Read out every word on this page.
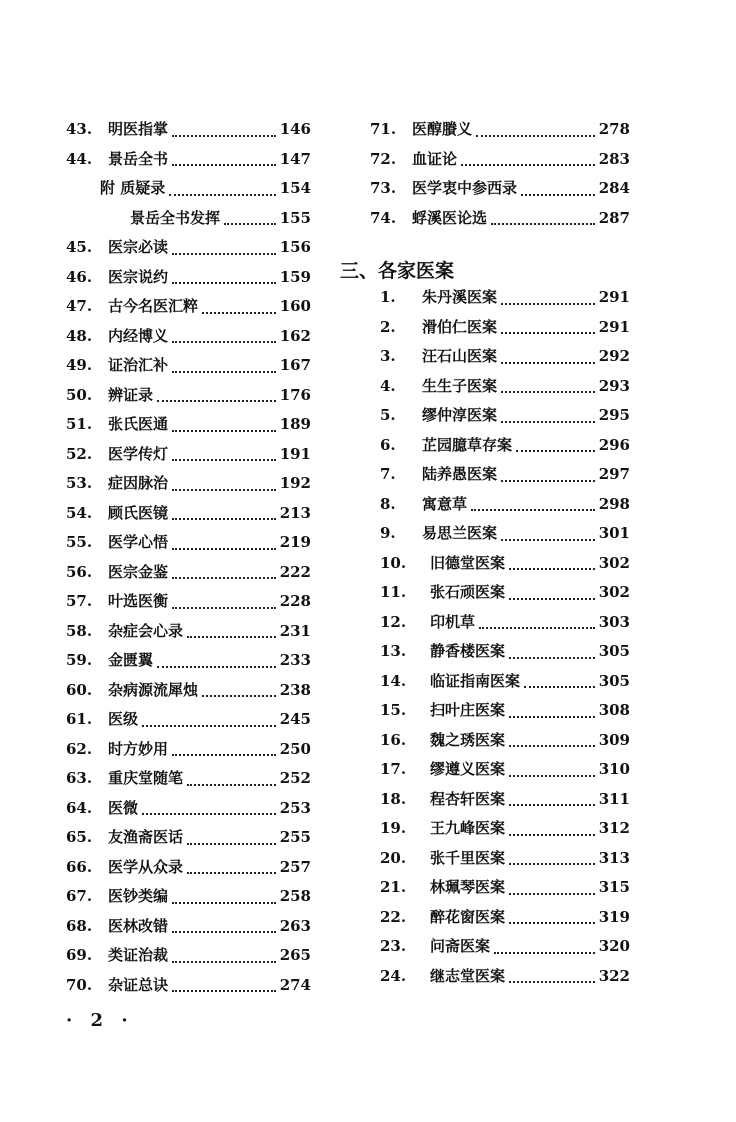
43.	明医指掌	146
44.	景岳全书	147
附 质疑录	154
景岳全书发挥	155
45.	医宗必读	156
46.	医宗说约	159
47.	古今名医汇粹	160
48.	内经博义	162
49.	证治汇补	167
50.	辨证录	176
51.	张氏医通	189
52.	医学传灯	191
53.	症因脉治	192
54.	顾氏医镜	213
55.	医学心悟	219
56.	医宗金鉴	222
57.	叶选医衡	228
58.	杂症会心录	231
59.	金匮翼	233
60.	杂病源流犀烛	238
61.	医级	245
62.	时方妙用	250
63.	重庆堂随笔	252
64.	医微	253
65.	友渔斋医话	255
66.	医学从众录	257
67.	医钞类编	258
68.	医林改错	263
69.	类证治裁	265
70.	杂证总诀	274
71.	医醇賸义	278
72.	血证论	283
73.	医学衷中参西录	284
74.	蜉溪医论选	287
三、各家医案
1.	朱丹溪医案	291
2.	滑伯仁医案	291
3.	汪石山医案	292
4.	生生子医案	293
5.	缪仲淳医案	295
6.	芷园臆草存案	296
7.	陆养愚医案	297
8.	寓意草	298
9.	易思兰医案	301
10.	旧德堂医案	302
11.	张石顽医案	302
12.	印机草	303
13.	静香楼医案	305
14.	临证指南医案	305
15.	扫叶庄医案	308
16.	魏之琇医案	309
17.	缪遵义医案	310
18.	程杏轩医案	311
19.	王九峰医案	312
20.	张千里医案	313
21.	林珮琴医案	315
22.	醉花窗医案	319
23.	问斋医案	320
24.	继志堂医案	322
· 2 ·
